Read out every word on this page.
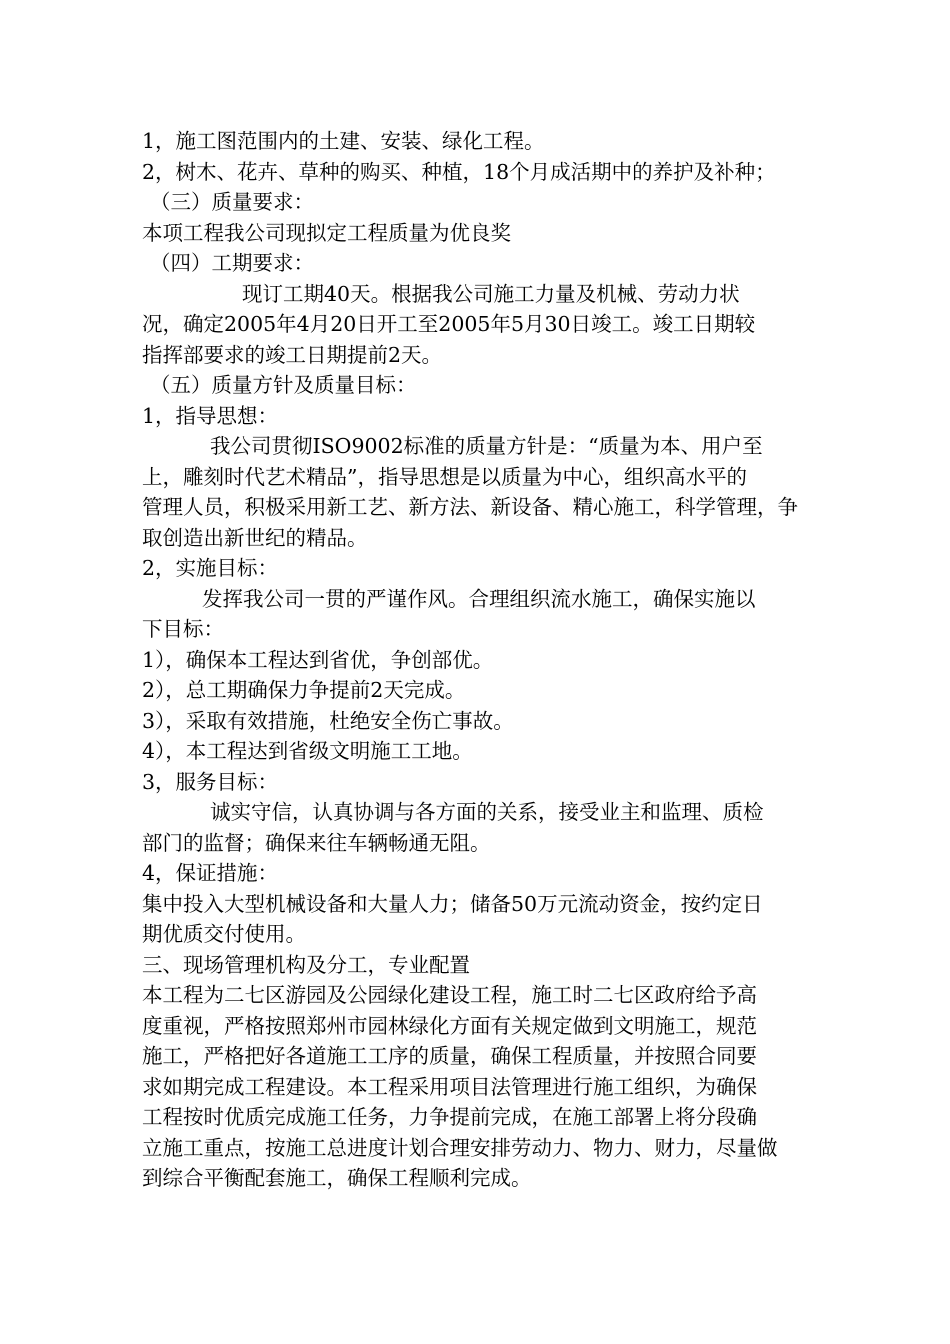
1，施工图范围内的土建、安装、绿化工程。
2，树木、花卉、草种的购买、种植，18个月成活期中的养护及补种；
（三）质量要求：
本项工程我公司现拟定工程质量为优良奖
（四）工期要求：
现订工期40天。根据我公司施工力量及机械、劳动力状
况，确定2005年4月20日开工至2005年5月30日竣工。竣工日期较
指挥部要求的竣工日期提前2天。
（五）质量方针及质量目标：
1，指导思想：
我公司贯彻ISO9002标准的质量方针是：“质量为本、用户至
上，雕刻时代艺术精品”，指导思想是以质量为中心，组织高水平的
管理人员，积极采用新工艺、新方法、新设备、精心施工，科学管理，争
取创造出新世纪的精品。
2，实施目标：
发挥我公司一贯的严谨作风。合理组织流水施工，确保实施以
下目标：
1），确保本工程达到省优，争创部优。
2），总工期确保力争提前2天完成。
3），采取有效措施，杜绝安全伤亡事故。
4），本工程达到省级文明施工工地。
3，服务目标：
诚实守信，认真协调与各方面的关系，接受业主和监理、质检
部门的监督；确保来往车辆畅通无阻。
4，保证措施：
集中投入大型机械设备和大量人力；储备50万元流动资金，按约定日
期优质交付使用。
三、现场管理机构及分工，专业配置
本工程为二七区游园及公园绿化建设工程，施工时二七区政府给予高
度重视，严格按照郑州市园林绿化方面有关规定做到文明施工，规范
施工，严格把好各道施工工序的质量，确保工程质量，并按照合同要
求如期完成工程建设。本工程采用项目法管理进行施工组织，为确保
工程按时优质完成施工任务，力争提前完成，在施工部署上将分段确
立施工重点，按施工总进度计划合理安排劳动力、物力、财力，尽量做
到综合平衡配套施工，确保工程顺利完成。
